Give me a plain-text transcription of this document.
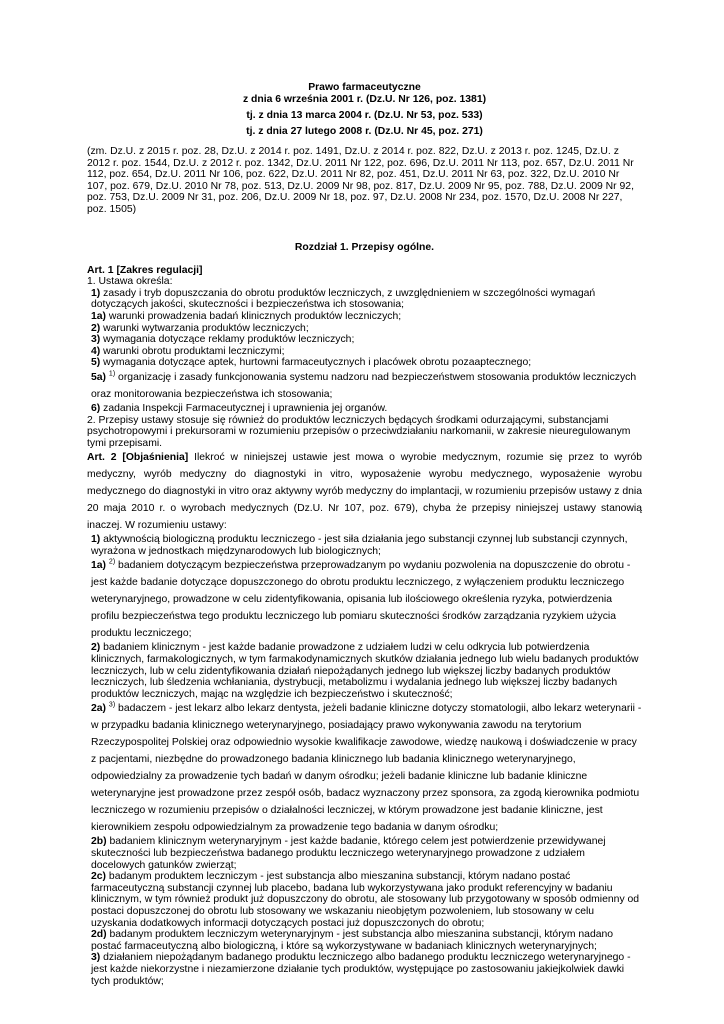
Prawo farmaceutyczne

z dnia 6 września 2001 r. (Dz.U. Nr 126, poz. 1381)

tj. z dnia 13 marca 2004 r. (Dz.U. Nr 53, poz. 533)

tj. z dnia 27 lutego 2008 r. (Dz.U. Nr 45, poz. 271)

(zm. Dz.U. z 2015 r. poz. 28, Dz.U. z 2014 r. poz. 1491, Dz.U. z 2014 r. poz. 822, Dz.U. z 2013 r. poz. 1245, Dz.U. z 2012 r. poz. 1544, Dz.U. z 2012 r. poz. 1342, Dz.U. 2011 Nr 122, poz. 696, Dz.U. 2011 Nr 113, poz. 657, Dz.U. 2011 Nr 112, poz. 654, Dz.U. 2011 Nr 106, poz. 622, Dz.U. 2011 Nr 82, poz. 451, Dz.U. 2011 Nr 63, poz. 322, Dz.U. 2010 Nr 107, poz. 679, Dz.U. 2010 Nr 78, poz. 513, Dz.U. 2009 Nr 98, poz. 817, Dz.U. 2009 Nr 95, poz. 788, Dz.U. 2009 Nr 92, poz. 753, Dz.U. 2009 Nr 31, poz. 206, Dz.U. 2009 Nr 18, poz. 97, Dz.U. 2008 Nr 234, poz. 1570, Dz.U. 2008 Nr 227, poz. 1505)
Rozdział 1. Przepisy ogólne.
Art. 1 [Zakres regulacji]
1. Ustawa określa:
1) zasady i tryb dopuszczania do obrotu produktów leczniczych, z uwzględnieniem w szczególności wymagań dotyczących jakości, skuteczności i bezpieczeństwa ich stosowania;
1a) warunki prowadzenia badań klinicznych produktów leczniczych;
2) warunki wytwarzania produktów leczniczych;
3) wymagania dotyczące reklamy produktów leczniczych;
4) warunki obrotu produktami leczniczymi;
5) wymagania dotyczące aptek, hurtowni farmaceutycznych i placówek obrotu pozaaptecznego;
5a) $^{1)}$ organizację i zasady funkcjonowania systemu nadzoru nad bezpieczeństwem stosowania produktów leczniczych oraz monitorowania bezpieczeństwa ich stosowania;
6) zadania Inspekcji Farmaceutycznej i uprawnienia jej organów.
2. Przepisy ustawy stosuje się również do produktów leczniczych będących środkami odurzającymi, substancjami psychotropowymi i prekursorami w rozumieniu przepisów o przeciwdziałaniu narkomanii, w zakresie nieuregulowanym tymi przepisami.
Art. 2 [Objaśnienia] Ilekroć w niniejszej ustawie jest mowa o wyrobie medycznym, rozumie się przez to wyrób medyczny, wyrób medyczny do diagnostyki in vitro, wyposażenie wyrobu medycznego, wyposażenie wyrobu medycznego do diagnostyki in vitro oraz aktywny wyrób medyczny do implantacji, w rozumieniu przepisów ustawy z dnia 20 maja 2010 r. o wyrobach medycznych (Dz.U. Nr 107, poz. 679), chyba że przepisy niniejszej ustawy stanowią inaczej. W rozumieniu ustawy:
1) aktywnością biologiczną produktu leczniczego - jest siła działania jego substancji czynnej lub substancji czynnych, wyrażona w jednostkach międzynarodowych lub biologicznych;
1a) $^{2)}$ badaniem dotyczącym bezpieczeństwa przeprowadzanym po wydaniu pozwolenia na dopuszczenie do obrotu - jest każde badanie dotyczące dopuszczonego do obrotu produktu leczniczego, z wyłączeniem produktu leczniczego weterynaryjnego, prowadzone w celu zidentyfikowania, opisania lub ilościowego określenia ryzyka, potwierdzenia profilu bezpieczeństwa tego produktu leczniczego lub pomiaru skuteczności środków zarządzania ryzykiem użycia produktu leczniczego;
2) badaniem klinicznym - jest każde badanie prowadzone z udziałem ludzi w celu odkrycia lub potwierdzenia klinicznych, farmakologicznych, w tym farmakodynamicznych skutków działania jednego lub wielu badanych produktów leczniczych, lub w celu zidentyfikowania działań niepożądanych jednego lub większej liczby badanych produktów leczniczych, lub śledzenia wchłaniania, dystrybucji, metabolizmu i wydalania jednego lub większej liczby badanych produktów leczniczych, mając na względzie ich bezpieczeństwo i skuteczność;
2a) $^{3)}$ badaczem - jest lekarz albo lekarz dentysta, jeżeli badanie kliniczne dotyczy stomatologii, albo lekarz weterynarii - w przypadku badania klinicznego weterynaryjnego, posiadający prawo wykonywania zawodu na terytorium Rzeczypospolitej Polskiej oraz odpowiednio wysokie kwalifikacje zawodowe, wiedzę naukową i doświadczenie w pracy z pacjentami, niezbędne do prowadzonego badania klinicznego lub badania klinicznego weterynaryjnego, odpowiedzialny za prowadzenie tych badań w danym ośrodku; jeżeli badanie kliniczne lub badanie kliniczne weterynaryjne jest prowadzone przez zespół osób, badacz wyznaczony przez sponsora, za zgodą kierownika podmiotu leczniczego w rozumieniu przepisów o działalności leczniczej, w którym prowadzone jest badanie kliniczne, jest kierownikiem zespołu odpowiedzialnym za prowadzenie tego badania w danym ośrodku;
2b) badaniem klinicznym weterynaryjnym - jest każde badanie, którego celem jest potwierdzenie przewidywanej skuteczności lub bezpieczeństwa badanego produktu leczniczego weterynaryjnego prowadzone z udziałem docelowych gatunków zwierząt;
2c) badanym produktem leczniczym - jest substancja albo mieszanina substancji, którym nadano postać farmaceutyczną substancji czynnej lub placebo, badana lub wykorzystywana jako produkt referencyjny w badaniu klinicznym, w tym również produkt już dopuszczony do obrotu, ale stosowany lub przygotowany w sposób odmienny od postaci dopuszczonej do obrotu lub stosowany we wskazaniu nieobjętym pozwoleniem, lub stosowany w celu uzyskania dodatkowych informacji dotyczących postaci już dopuszczonych do obrotu;
2d) badanym produktem leczniczym weterynaryjnym - jest substancja albo mieszanina substancji, którym nadano postać farmaceutyczną albo biologiczną, i które są wykorzystywane w badaniach klinicznych weterynaryjnych;
3) działaniem niepożądanym badanego produktu leczniczego albo badanego produktu leczniczego weterynaryjnego - jest każde niekorzystne i niezamierzone działanie tych produktów, występujące po zastosowaniu jakiejkolwiek dawki tych produktów;
